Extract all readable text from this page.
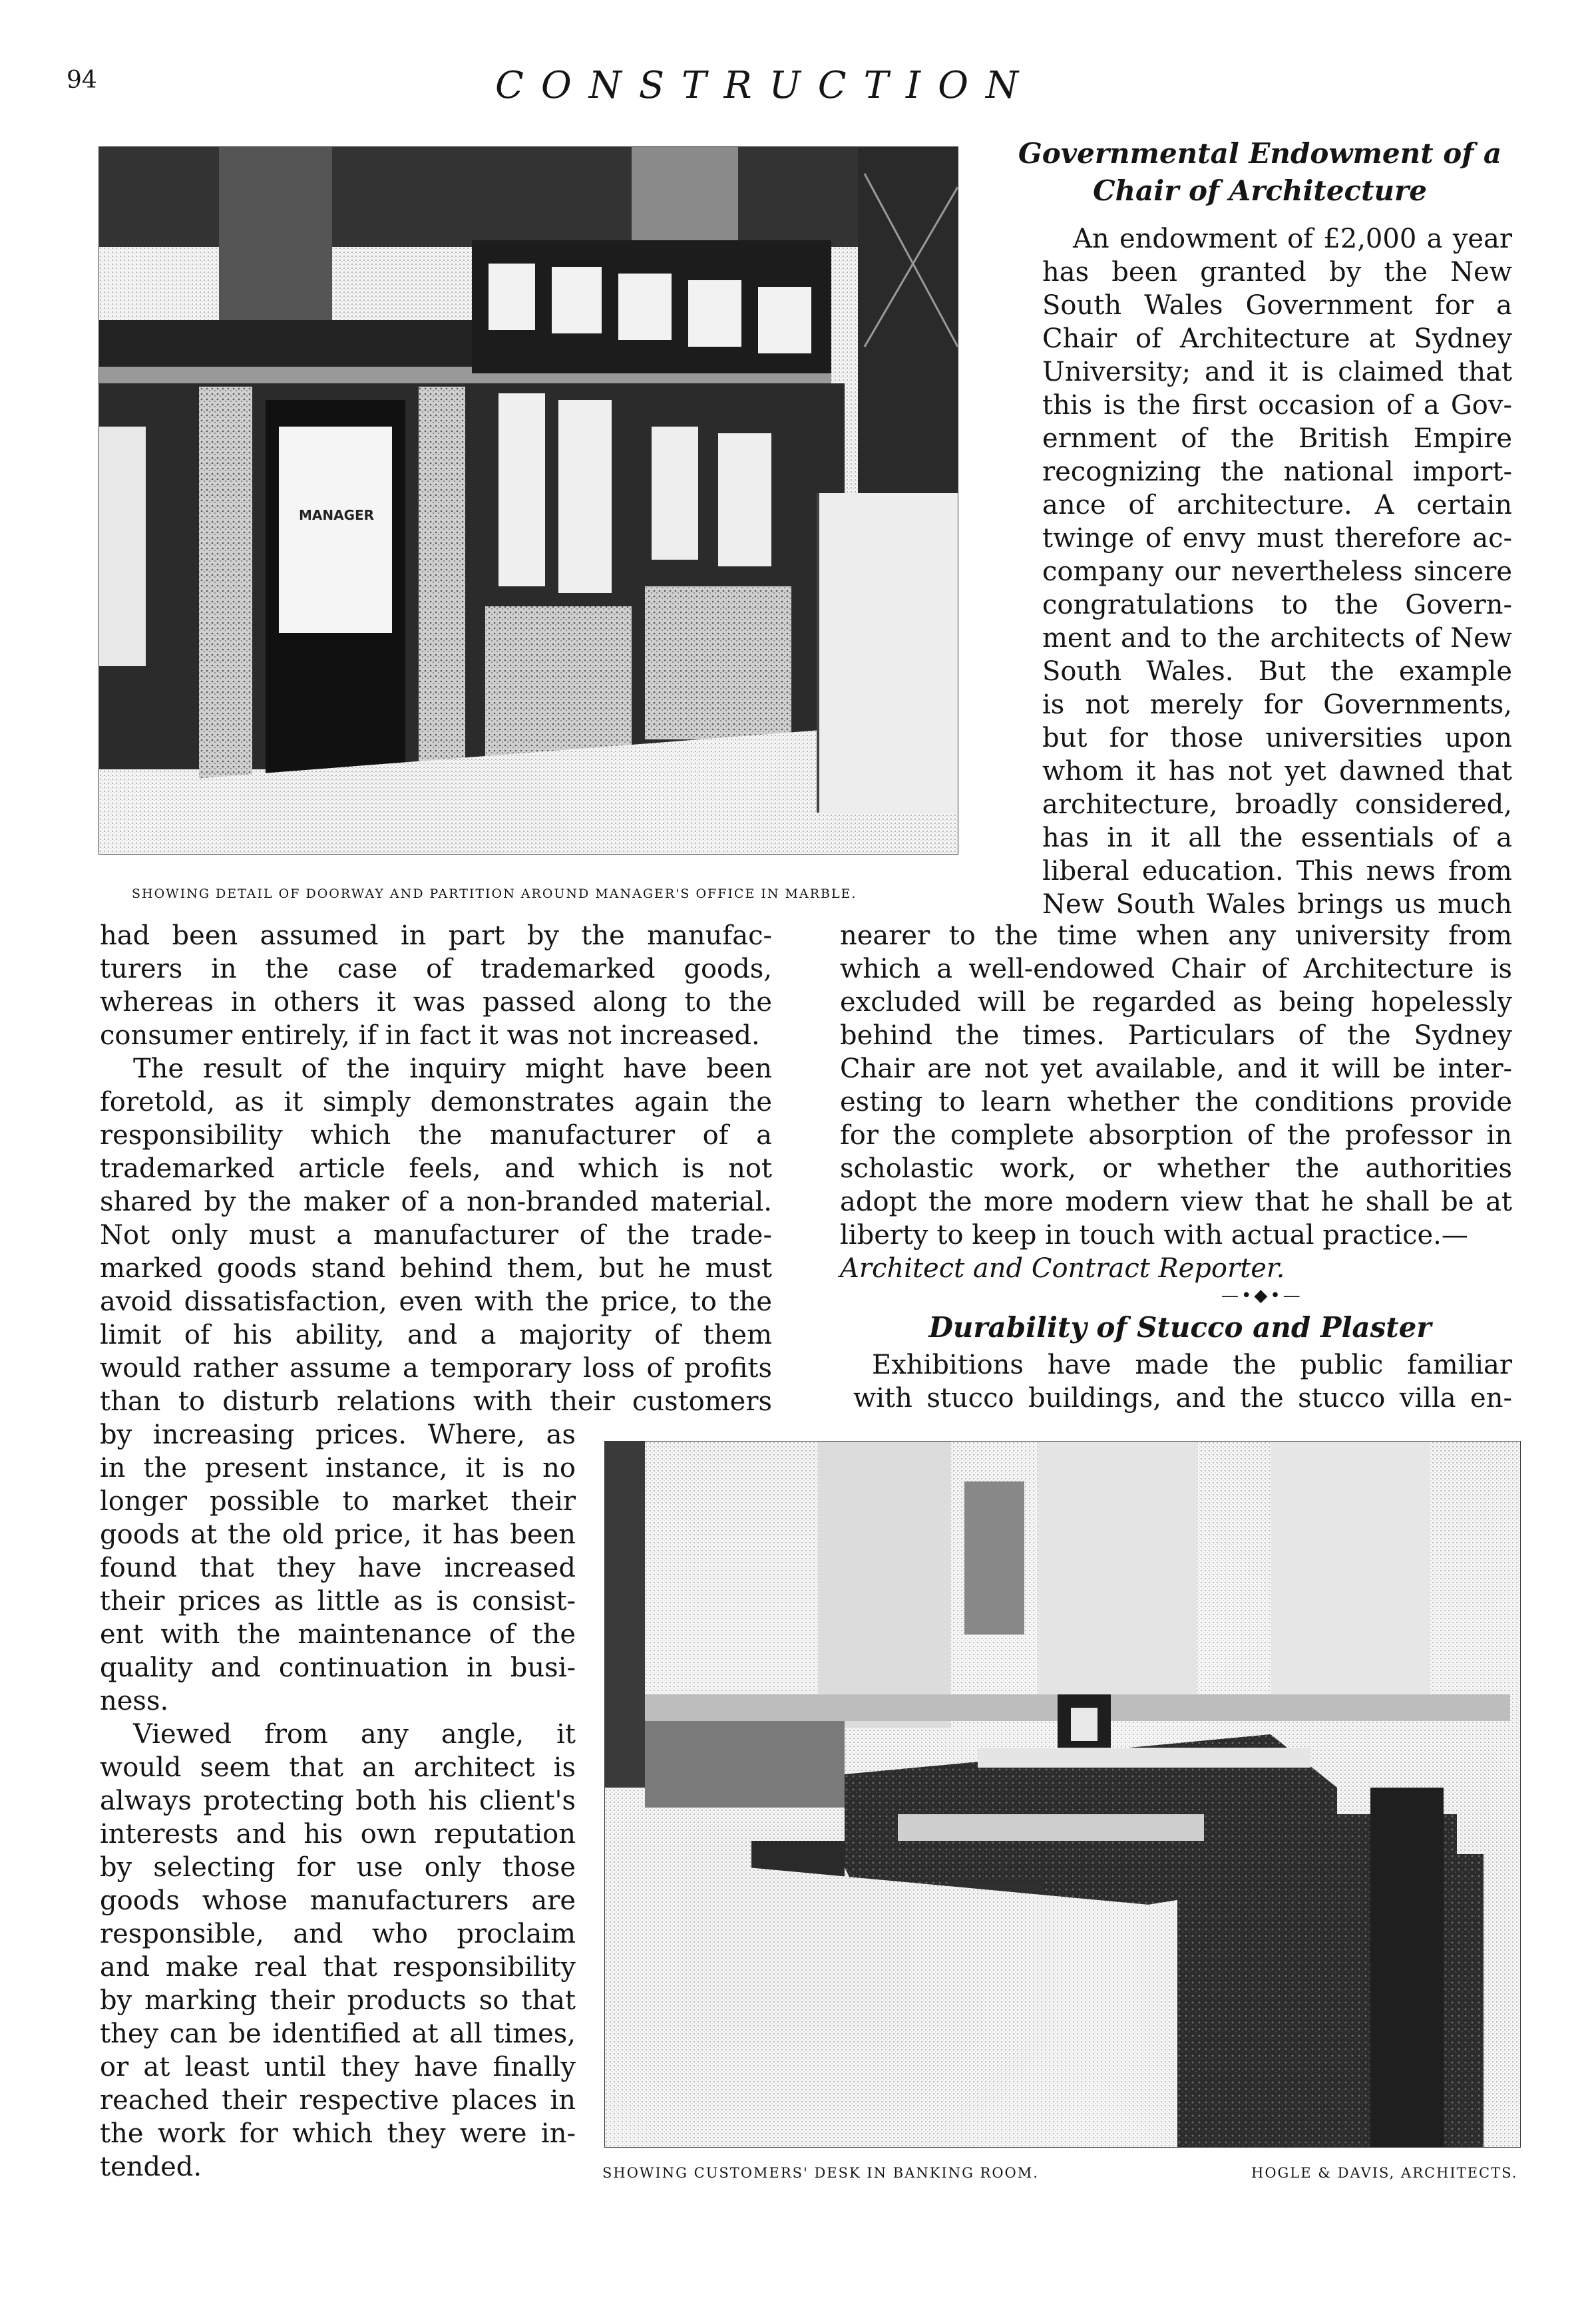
94	CONSTRUCTION
MANAGER
SHOWING DETAIL OF DOORWAY AND PARTITION AROUND MANAGER'S OFFICE IN MARBLE.
Governmental Endowment of a
Chair of Architecture
An endowment of £2,000 a year
has been granted by the New
South Wales Government for a
Chair of Architecture at Sydney
University; and it is claimed that
this is the first occasion of a Gov-
ernment of the British Empire
recognizing the national import-
ance of architecture. A certain
twinge of envy must therefore ac-
company our nevertheless sincere
congratulations to the Govern-
ment and to the architects of New
South Wales. But the example
is not merely for Governments,
but for those universities upon
whom it has not yet dawned that
architecture, broadly considered,
has in it all the essentials of a
liberal education. This news from
New South Wales brings us much
nearer to the time when any university from
which a well-endowed Chair of Architecture is
excluded will be regarded as being hopelessly
behind the times. Particulars of the Sydney
Chair are not yet available, and it will be inter-
esting to learn whether the conditions provide
for the complete absorption of the professor in
scholastic work, or whether the authorities
adopt the more modern view that he shall be at
liberty to keep in touch with actual practice.—
Architect and Contract Reporter.
—•◆•—
Durability of Stucco and Plaster
Exhibitions have made the public familiar
with stucco buildings, and the stucco villa en-
had been assumed in part by the manufac-
turers in the case of trademarked goods,
whereas in others it was passed along to the
consumer entirely, if in fact it was not increased.
The result of the inquiry might have been
foretold, as it simply demonstrates again the
responsibility which the manufacturer of a
trademarked article feels, and which is not
shared by the maker of a non-branded material.
Not only must a manufacturer of the trade-
marked goods stand behind them, but he must
avoid dissatisfaction, even with the price, to the
limit of his ability, and a majority of them
would rather assume a temporary loss of profits
than to disturb relations with their customers
by increasing prices. Where, as
in the present instance, it is no
longer possible to market their
goods at the old price, it has been
found that they have increased
their prices as little as is consist-
ent with the maintenance of the
quality and continuation in busi-
ness.
Viewed from any angle, it
would seem that an architect is
always protecting both his client's
interests and his own reputation
by selecting for use only those
goods whose manufacturers are
responsible, and who proclaim
and make real that responsibility
by marking their products so that
they can be identified at all times,
or at least until they have finally
reached their respective places in
the work for which they were in-
tended.	SHOWING CUSTOMERS' DESK IN BANKING ROOM.	HOGLE & DAVIS, ARCHITECTS.
